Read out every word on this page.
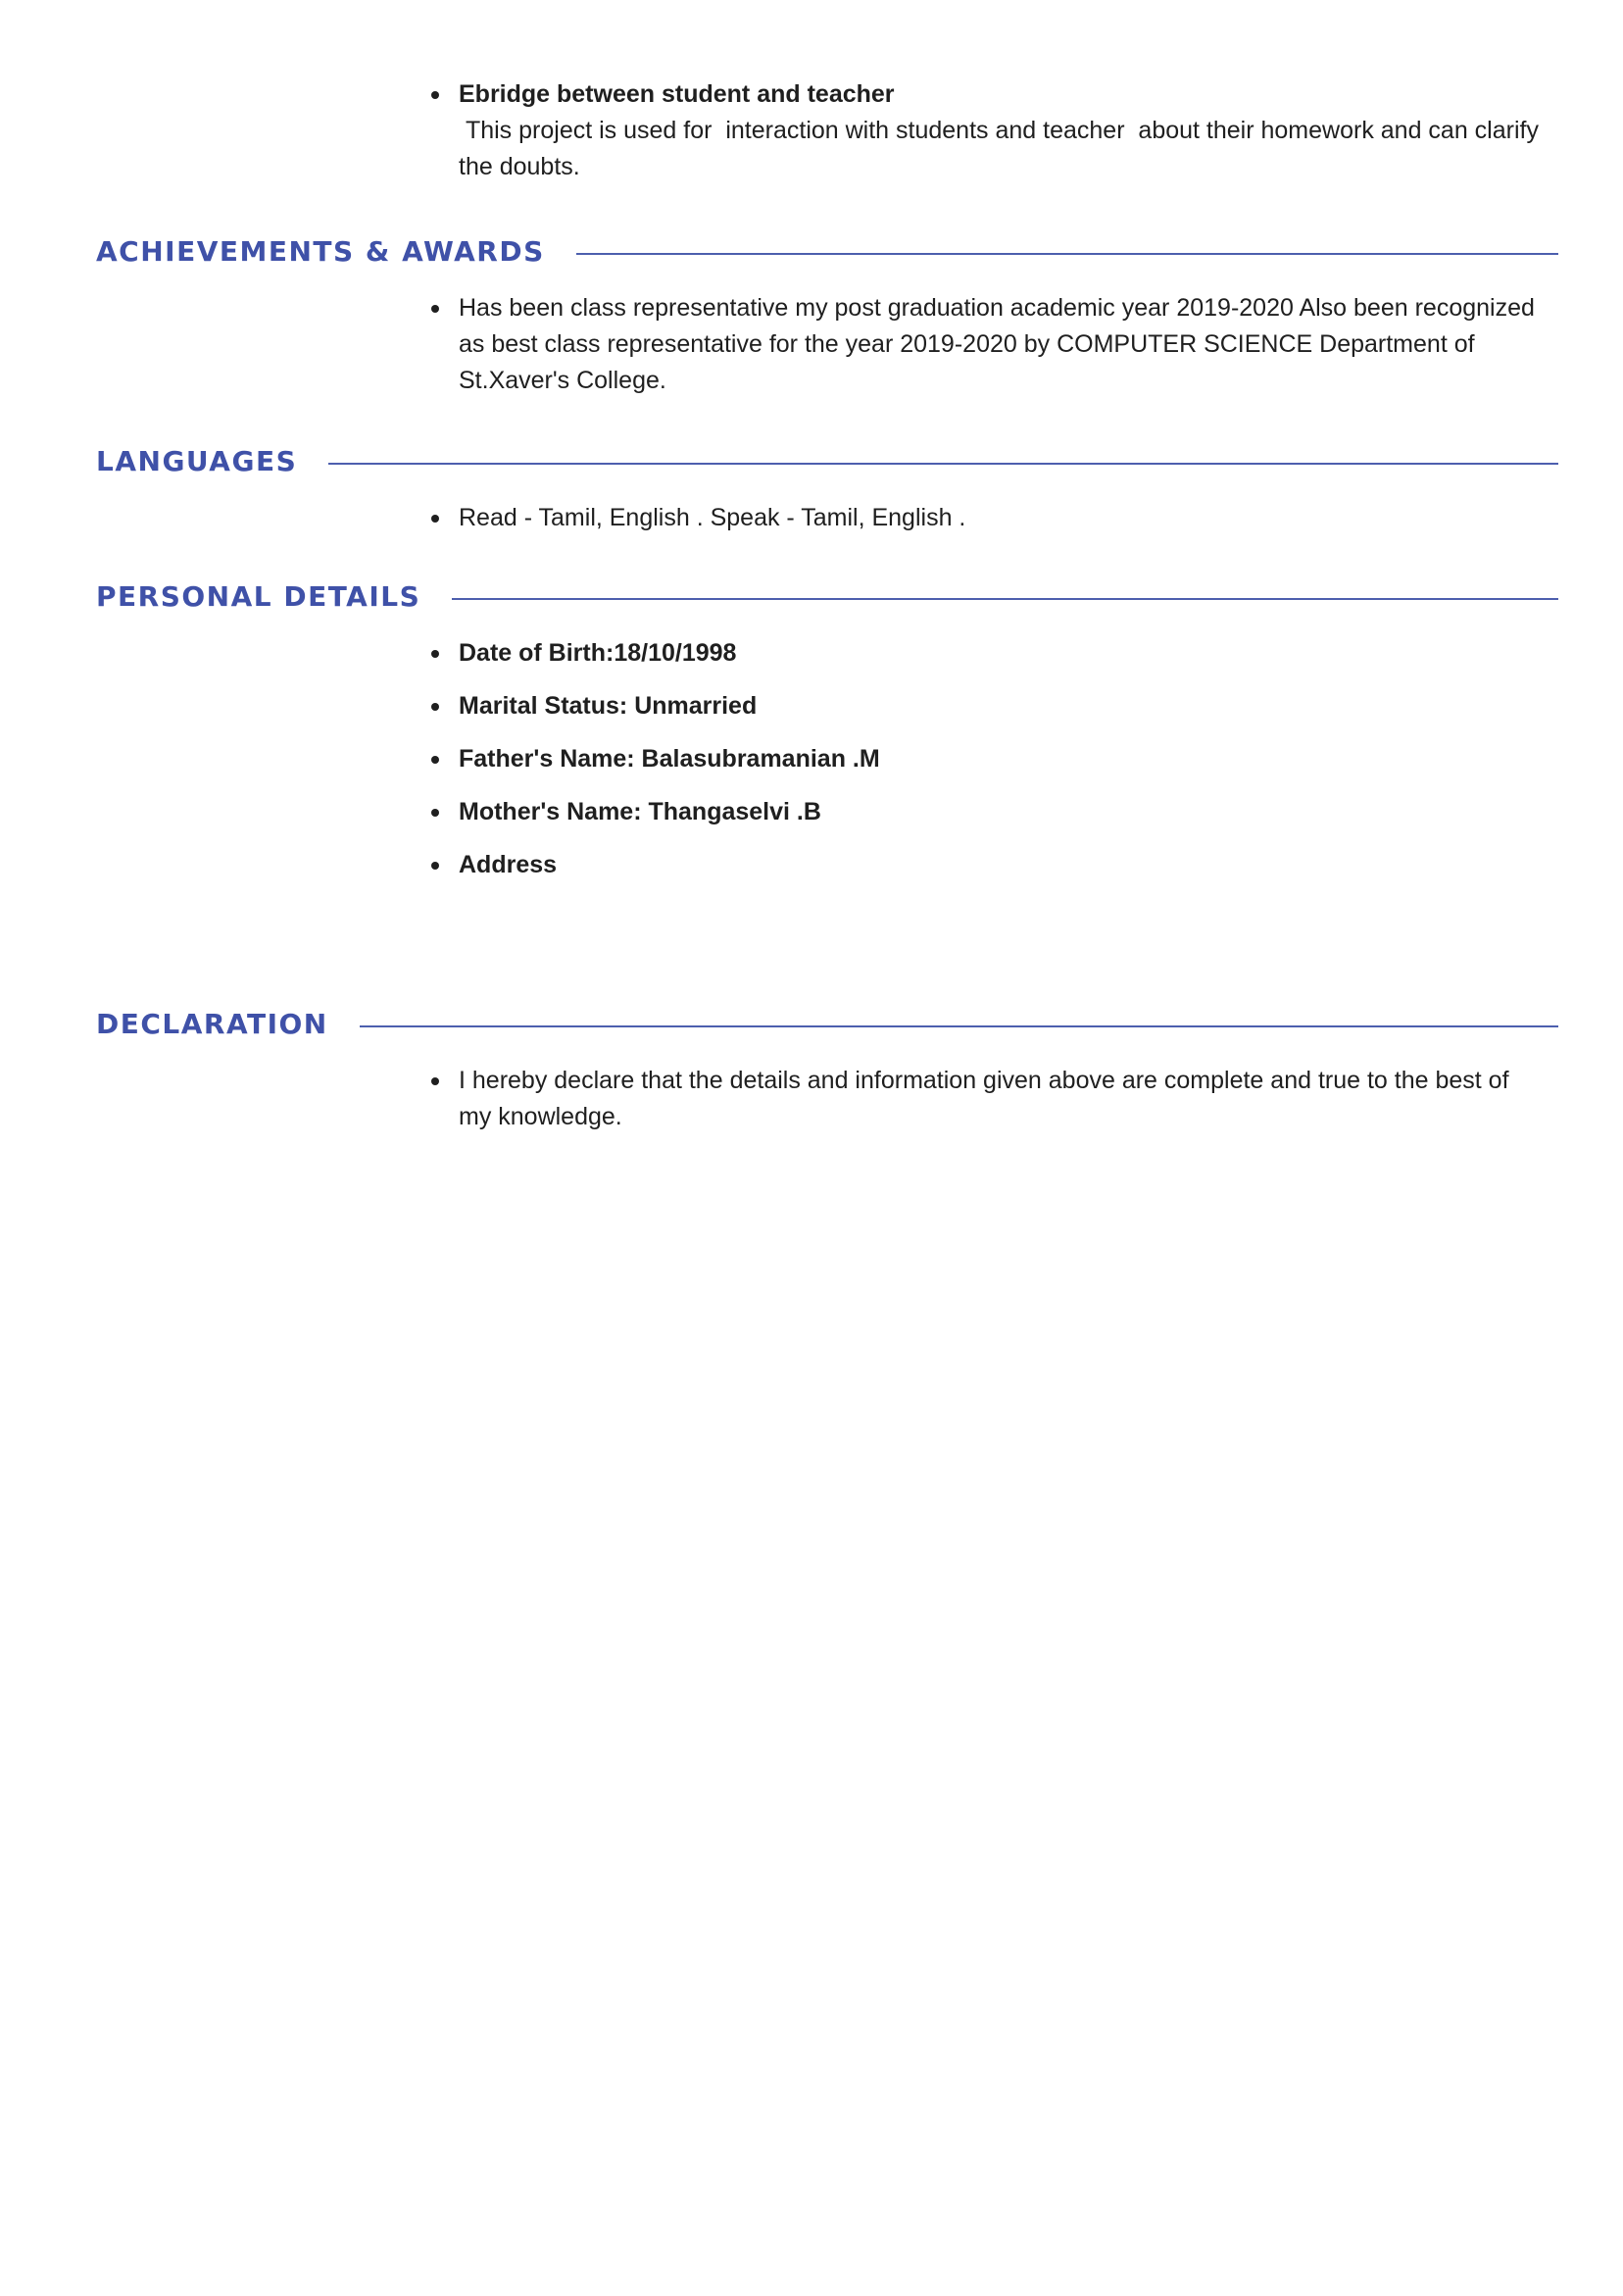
Ebridge between student and teacher
This project is used for  interaction with students and teacher  about their homework and can clarify the doubts.
ACHIEVEMENTS & AWARDS
Has been class representative my post graduation academic year 2019-2020 Also been recognized as best class representative for the year 2019-2020 by COMPUTER SCIENCE Department of St.Xaver's College.
LANGUAGES
Read - Tamil, English . Speak - Tamil, English .
PERSONAL DETAILS
Date of Birth:18/10/1998
Marital Status: Unmarried
Father's Name: Balasubramanian .M
Mother's Name: Thangaselvi .B
Address
DECLARATION
I hereby declare that the details and information given above are complete and true to the best of my knowledge.
